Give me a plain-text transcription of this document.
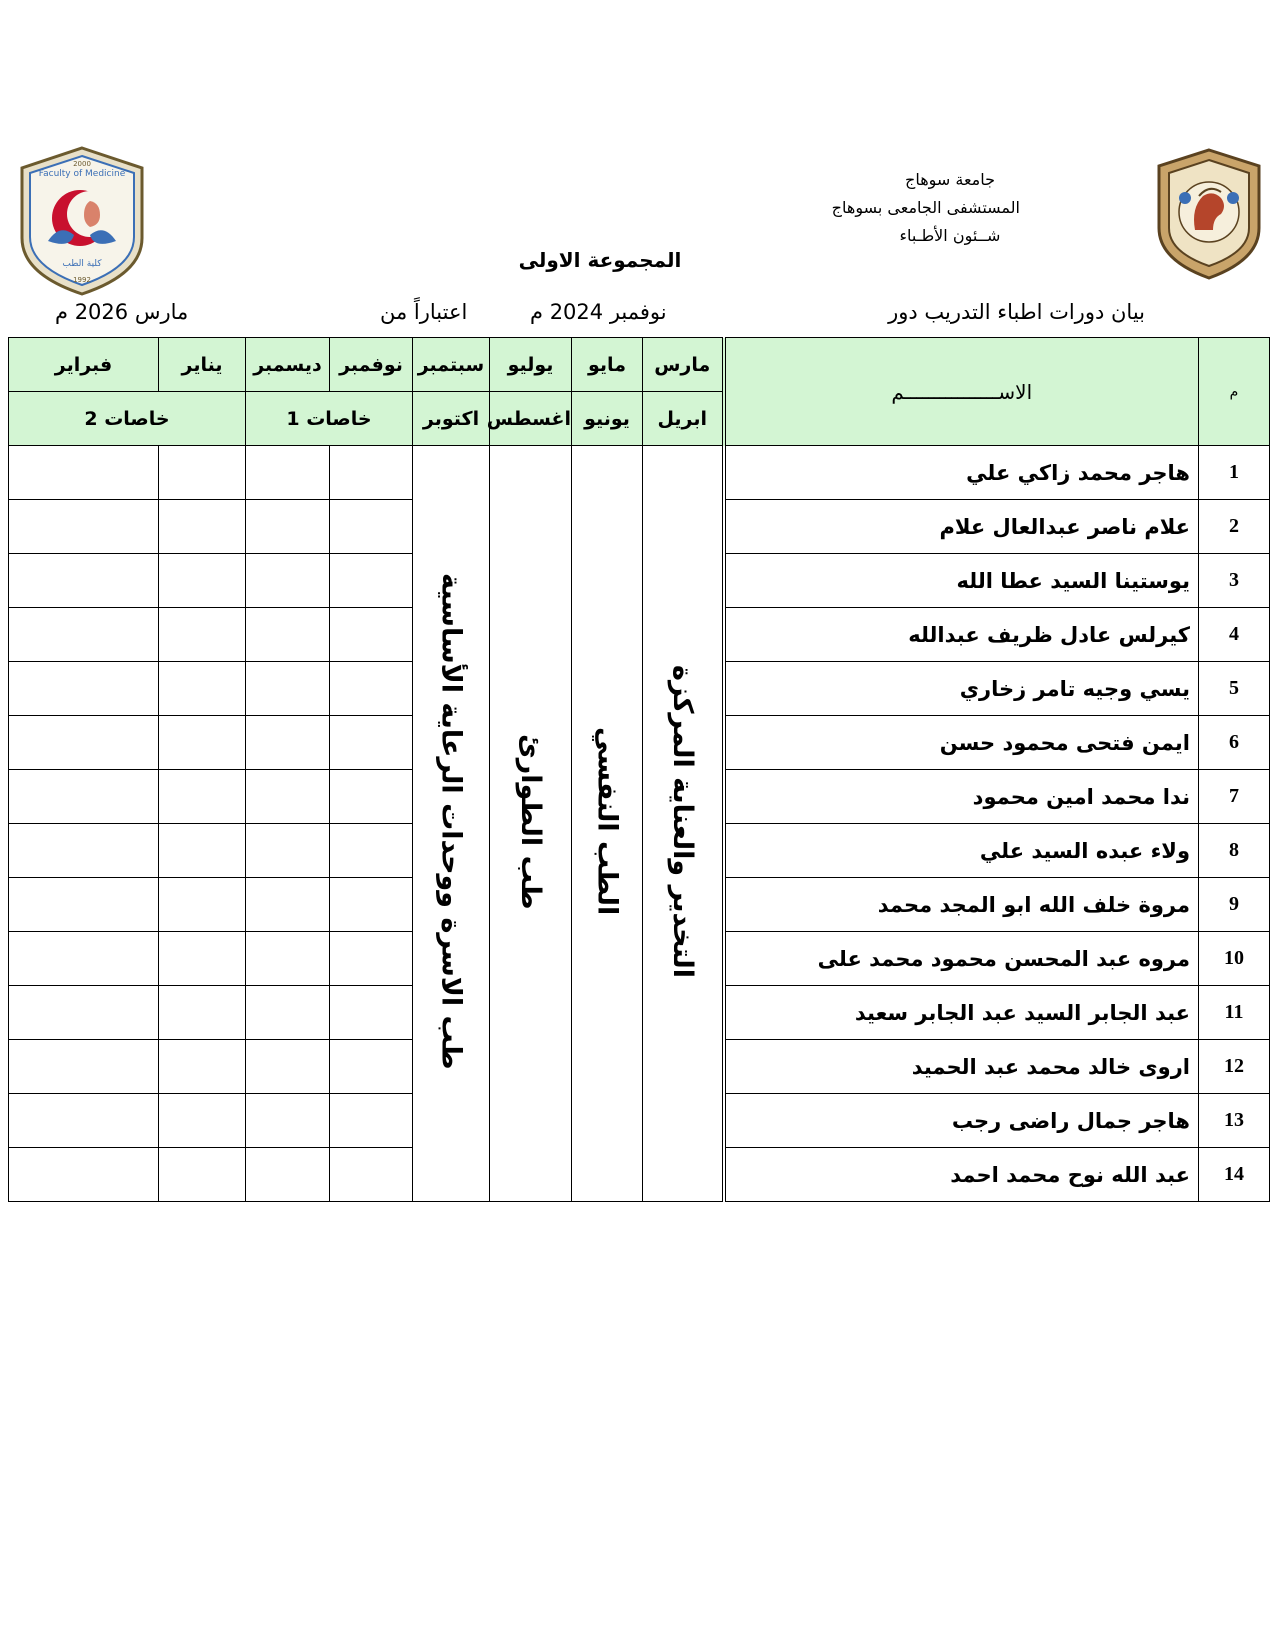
Faculty of Medicine
2000
كلية الطب
1992
جامعة سوهاج
المستشفى الجامعى بسوهاج
شــئون الأطـباء
المجموعة الاولى
بيان دورات اطباء التدريب دور
نوفمبر 2024 م
اعتباراً من
مارس 2026 م
م	الاســــــــــــــــم	مارس	مايو	يوليو	سبتمبر	نوفمبر	ديسمبر	يناير	فبراير
		ابريل	يونيو	اغسطس	اكتوبر	خاصات 1		خاصات 2	
1	هاجر محمد زاكي علي	التخدير والعناية المركزة	الطب النفسي	طب الطوارئ	طب الاسرة ووحدات الرعاية الأساسية				
2	علام ناصر عبدالعال علام								
3	يوستينا السيد عطا الله								
4	كيرلس عادل ظريف عبدالله								
5	يسي وجيه تامر زخاري								
6	ايمن فتحى محمود حسن								
7	ندا محمد امين محمود								
8	ولاء عبده السيد علي								
9	مروة خلف الله ابو المجد محمد								
10	مروه عبد المحسن محمود محمد على								
11	عبد الجابر السيد عبد الجابر سعيد								
12	اروى خالد محمد عبد الحميد								
13	هاجر جمال راضى رجب								
14	عبد الله نوح محمد احمد								
